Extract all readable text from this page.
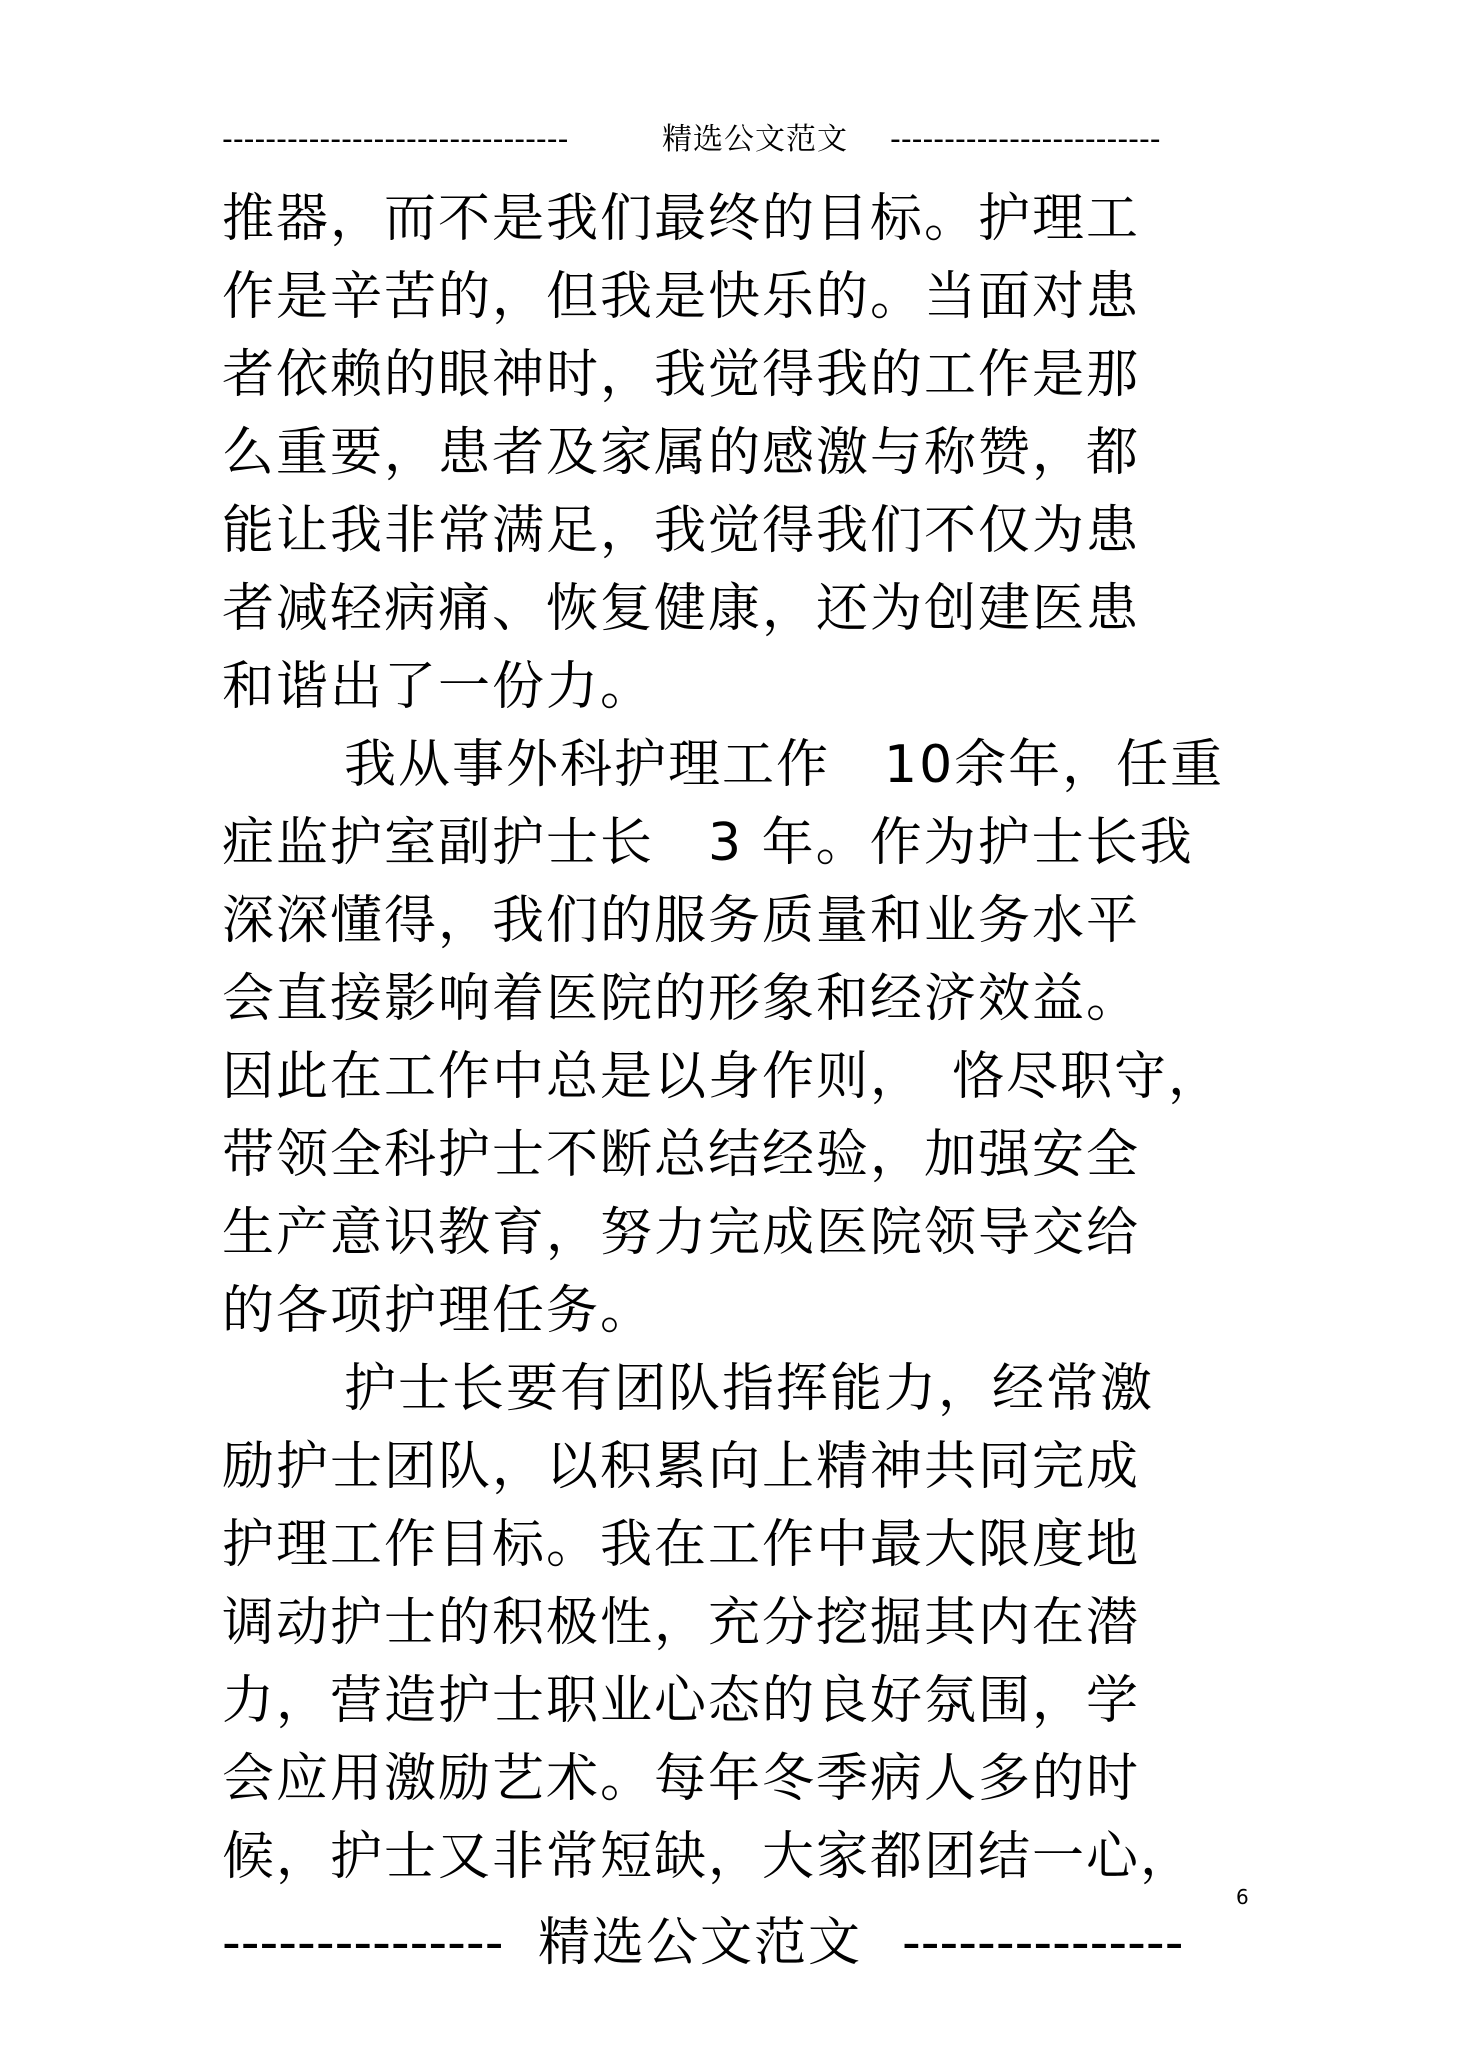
--------------------------------	精选公文范文 -------------------------
推器，而不是我们最终的目标。护理工
作是辛苦的，但我是快乐的。当面对患
者依赖的眼神时，我觉得我的工作是那
么重要，患者及家属的感激与称赞，都
能让我非常满足，我觉得我们不仅为患
者减轻病痛、恢复健康，还为创建医患
和谐出了一份力。
我从事外科护理工作　10余年，任重
症监护室副护士长　3 年。作为护士长我
深深懂得，我们的服务质量和业务水平
会直接影响着医院的形象和经济效益。
因此在工作中总是以身作则，　恪尽职守，
带领全科护士不断总结经验，加强安全
生产意识教育，努力完成医院领导交给
的各项护理任务。
护士长要有团队指挥能力，经常激
励护士团队，以积累向上精神共同完成
护理工作目标。我在工作中最大限度地
调动护士的积极性，充分挖掘其内在潜
力，营造护士职业心态的良好氛围，学
会应用激励艺术。每年冬季病人多的时
候，护士又非常短缺，大家都团结一心，
6
--------------- 精选公文范文 ---------------
